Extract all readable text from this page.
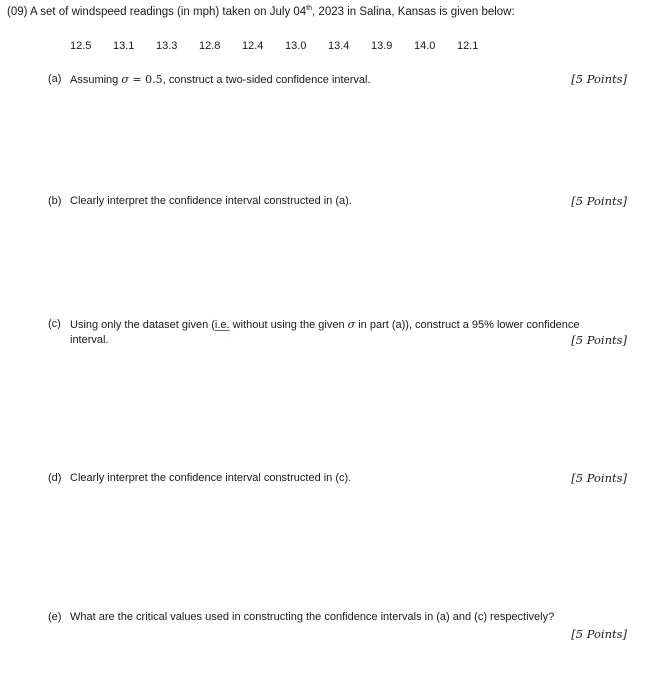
(09) A set of windspeed readings (in mph) taken on July 04th, 2023 in Salina, Kansas is given below:
12.5 13.1 13.3 12.8 12.4 13.0 13.4 13.9 14.0 12.1
(a) Assuming σ = 0.5, construct a two-sided confidence interval.	[5 Points]
(b) Clearly interpret the confidence interval constructed in (a).	[5 Points]
(c) Using only the dataset given (i.e. without using the given σ in part (a)), construct a 95% lower confidence
interval.	[5 Points]
(d) Clearly interpret the confidence interval constructed in (c).	[5 Points]
(e) What are the critical values used in constructing the confidence intervals in (a) and (c) respectively?
[5 Points]
